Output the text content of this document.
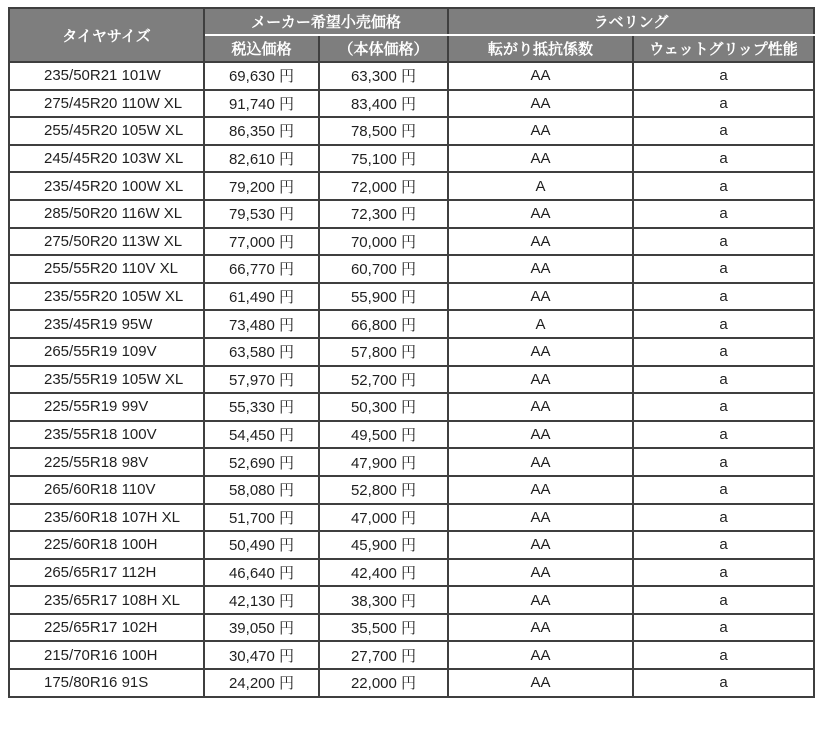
タイヤサイズ	メーカー希望小売価格		ラベリング	
	税込価格	（本体価格）	転がり抵抗係数	ウェットグリップ性能
235/50R21 101W	69,630 円	63,300 円	AA	a
275/45R20 110W XL	91,740 円	83,400 円	AA	a
255/45R20 105W XL	86,350 円	78,500 円	AA	a
245/45R20 103W XL	82,610 円	75,100 円	AA	a
235/45R20 100W XL	79,200 円	72,000 円	A	a
285/50R20 116W XL	79,530 円	72,300 円	AA	a
275/50R20 113W XL	77,000 円	70,000 円	AA	a
255/55R20 110V XL	66,770 円	60,700 円	AA	a
235/55R20 105W XL	61,490 円	55,900 円	AA	a
235/45R19 95W	73,480 円	66,800 円	A	a
265/55R19 109V	63,580 円	57,800 円	AA	a
235/55R19 105W XL	57,970 円	52,700 円	AA	a
225/55R19 99V	55,330 円	50,300 円	AA	a
235/55R18 100V	54,450 円	49,500 円	AA	a
225/55R18 98V	52,690 円	47,900 円	AA	a
265/60R18 110V	58,080 円	52,800 円	AA	a
235/60R18 107H XL	51,700 円	47,000 円	AA	a
225/60R18 100H	50,490 円	45,900 円	AA	a
265/65R17 112H	46,640 円	42,400 円	AA	a
235/65R17 108H XL	42,130 円	38,300 円	AA	a
225/65R17 102H	39,050 円	35,500 円	AA	a
215/70R16 100H	30,470 円	27,700 円	AA	a
175/80R16 91S	24,200 円	22,000 円	AA	a
